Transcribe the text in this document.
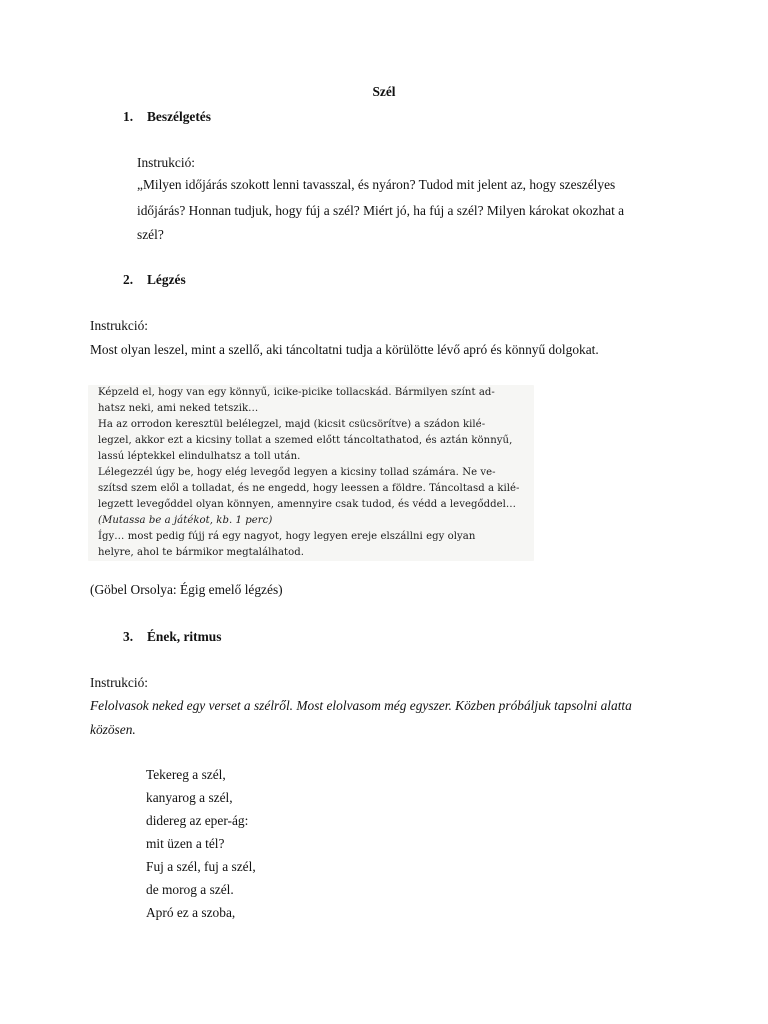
Szél
1. Beszélgetés
Instrukció:
„Milyen időjárás szokott lenni tavasszal, és nyáron? Tudod mit jelent az, hogy szeszélyes
időjárás? Honnan tudjuk, hogy fúj a szél? Miért jó, ha fúj a szél? Milyen károkat okozhat a
szél?
2. Légzés
Instrukció:
Most olyan leszel, mint a szellő, aki táncoltatni tudja a körülötte lévő apró és könnyű dolgokat.
Képzeld el, hogy van egy könnyű, icike-picike tollacskád. Bármilyen színt ad-
hatsz neki, ami neked tetszik…
Ha az orrodon keresztül belélegzel, majd (kicsit csücsörítve) a szádon kilé-
legzel, akkor ezt a kicsiny tollat a szemed előtt táncoltathatod, és aztán könnyű,
lassú léptekkel elindulhatsz a toll után.
Lélegezzél úgy be, hogy elég levegőd legyen a kicsiny tollad számára. Ne ve-
szítsd szem elől a tolladat, és ne engedd, hogy leessen a földre. Táncoltasd a kilé-
legzett levegőddel olyan könnyen, amennyire csak tudod, és védd a levegőddel…
(Mutassa be a játékot, kb. 1 perc)
Így… most pedig fújj rá egy nagyot, hogy legyen ereje elszállni egy olyan
helyre, ahol te bármikor megtalálhatod.
(Göbel Orsolya: Égig emelő légzés)
3. Ének, ritmus
Instrukció:
Felolvasok neked egy verset a szélről. Most elolvasom még egyszer. Közben próbáljuk tapsolni alatta
közösen.
Tekereg a szél,
kanyarog a szél,
didereg az eper-ág:
mit üzen a tél?
Fuj a szél, fuj a szél,
de morog a szél.
Apró ez a szoba,
